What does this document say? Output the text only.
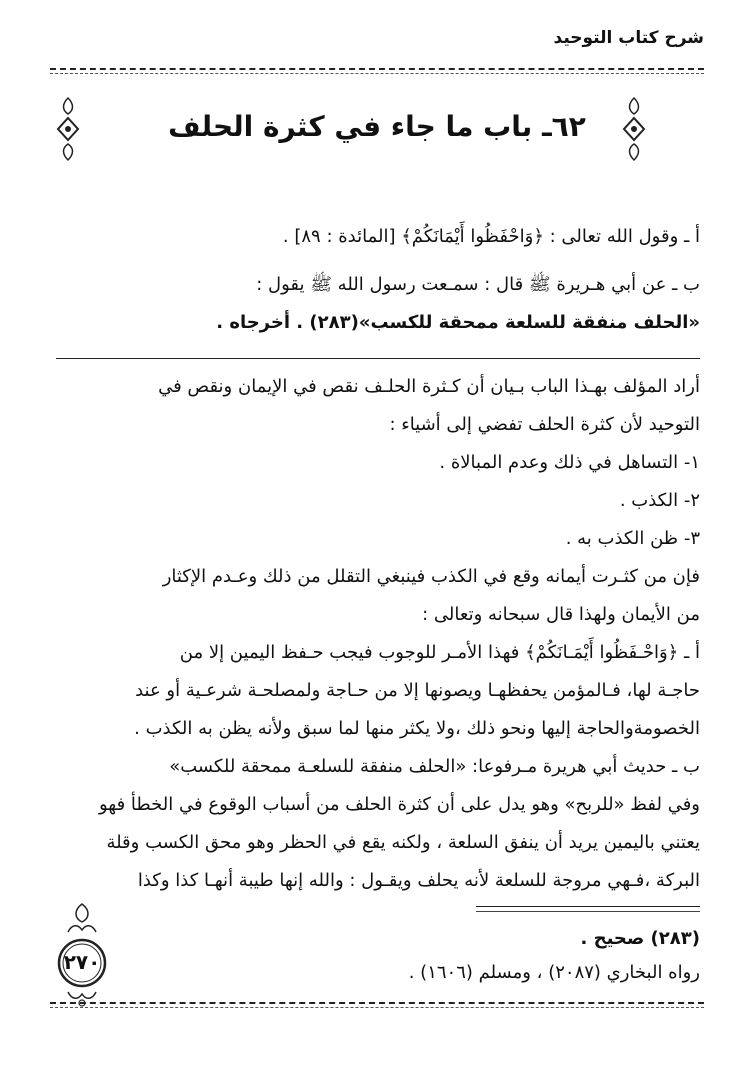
شرح كتاب التوحيد
٦٢ـ باب ما جاء في كثرة الحلف
أ ـ وقول الله تعالى : ﴿وَاحْفَظُوا أَيْمَانَكُمْ﴾ [المائدة : ٨٩] .
ب ـ عن أبي هـريرة ﷺ قال : سمـعت رسول الله ﷺ يقول :
«الحلف منفقة للسلعة ممحقة للكسب»(٢٨٣) . أخرجاه .
أراد المؤلف بهـذا الباب بـيان أن كـثرة الحلـف نقص في الإيمان ونقص في
التوحيد لأن كثرة الحلف تفضي إلى أشياء :
١- التساهل في ذلك وعدم المبالاة .
٢- الكذب .
٣- ظن الكذب به .
فإن من كثـرت أيمانه وقع في الكذب فينبغي التقلل من ذلك وعـدم الإكثار
من الأيمان ولهذا قال سبحانه وتعالى :
أ ـ ﴿وَاحْـفَظُوا أَيْمَـانَكُمْ﴾ فهذا الأمـر للوجوب فيجب حـفظ اليمين إلا من
حاجـة لها، فـالمؤمن يحفظهـا ويصونها إلا من حـاجة ولمصلحـة شرعـية أو عند
الخصومةوالحاجة إليها ونحو ذلك ،ولا يكثر منها لما سبق ولأنه يظن به الكذب .
ب ـ حديث أبي هريرة مـرفوعا: «الحلف منفقة للسلعـة ممحقة للكسب»
وفي لفظ «للربح» وهو يدل على أن كثرة الحلف من أسباب الوقوع في الخطأ فهو
يعتني باليمين يريد أن ينفق السلعة ، ولكنه يقع في الحظر وهو محق الكسب وقلة
البركة ،فـهي مروجة للسلعة لأنه يحلف ويقـول : والله إنها طيبة أنهـا كذا وكذا
(٢٨٣) صحيح .
رواه البخاري (٢٠٨٧) ، ومسلم (١٦٠٦) .
٢٧٠
